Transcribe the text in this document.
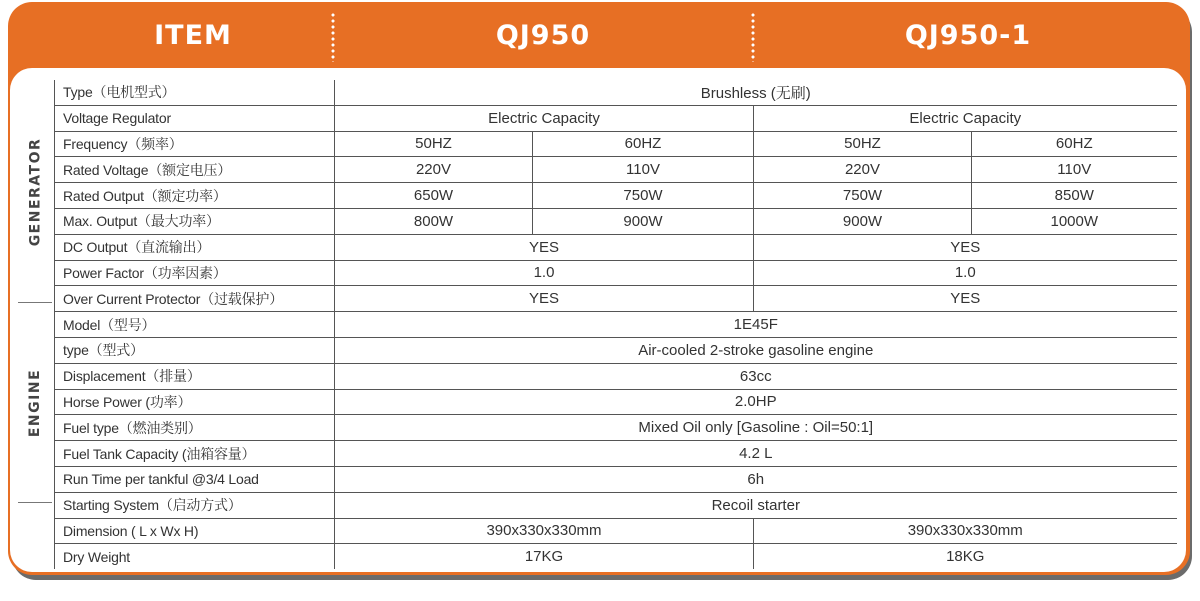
ITEM	QJ950	QJ950-1
GENERATOR
ENGINE
Type（电机型式）	Brushless (无刷)			
Voltage Regulator	Electric Capacity		Electric Capacity	
Frequency（频率）	50HZ	60HZ	50HZ	60HZ
Rated Voltage（额定电压）	220V	110V	220V	110V
Rated Output（额定功率）	650W	750W	750W	850W
Max. Output（最大功率）	800W	900W	900W	1000W
DC Output（直流输出）	YES		YES	
Power Factor（功率因素）	1.0		1.0	
Over Current Protector（过载保护）	YES		YES	
Model（型号）	1E45F			
type（型式）	Air-cooled 2-stroke gasoline engine			
Displacement（排量）	63cc			
Horse Power (功率）	2.0HP			
Fuel type（燃油类别）	Mixed Oil only [Gasoline : Oil=50:1]			
Fuel Tank Capacity (油箱容量）	4.2 L			
Run Time per tankful @3/4 Load	6h			
Starting System（启动方式）	Recoil starter			
Dimension ( L x Wx H)	390x330x330mm		390x330x330mm	
Dry Weight	17KG		18KG	
